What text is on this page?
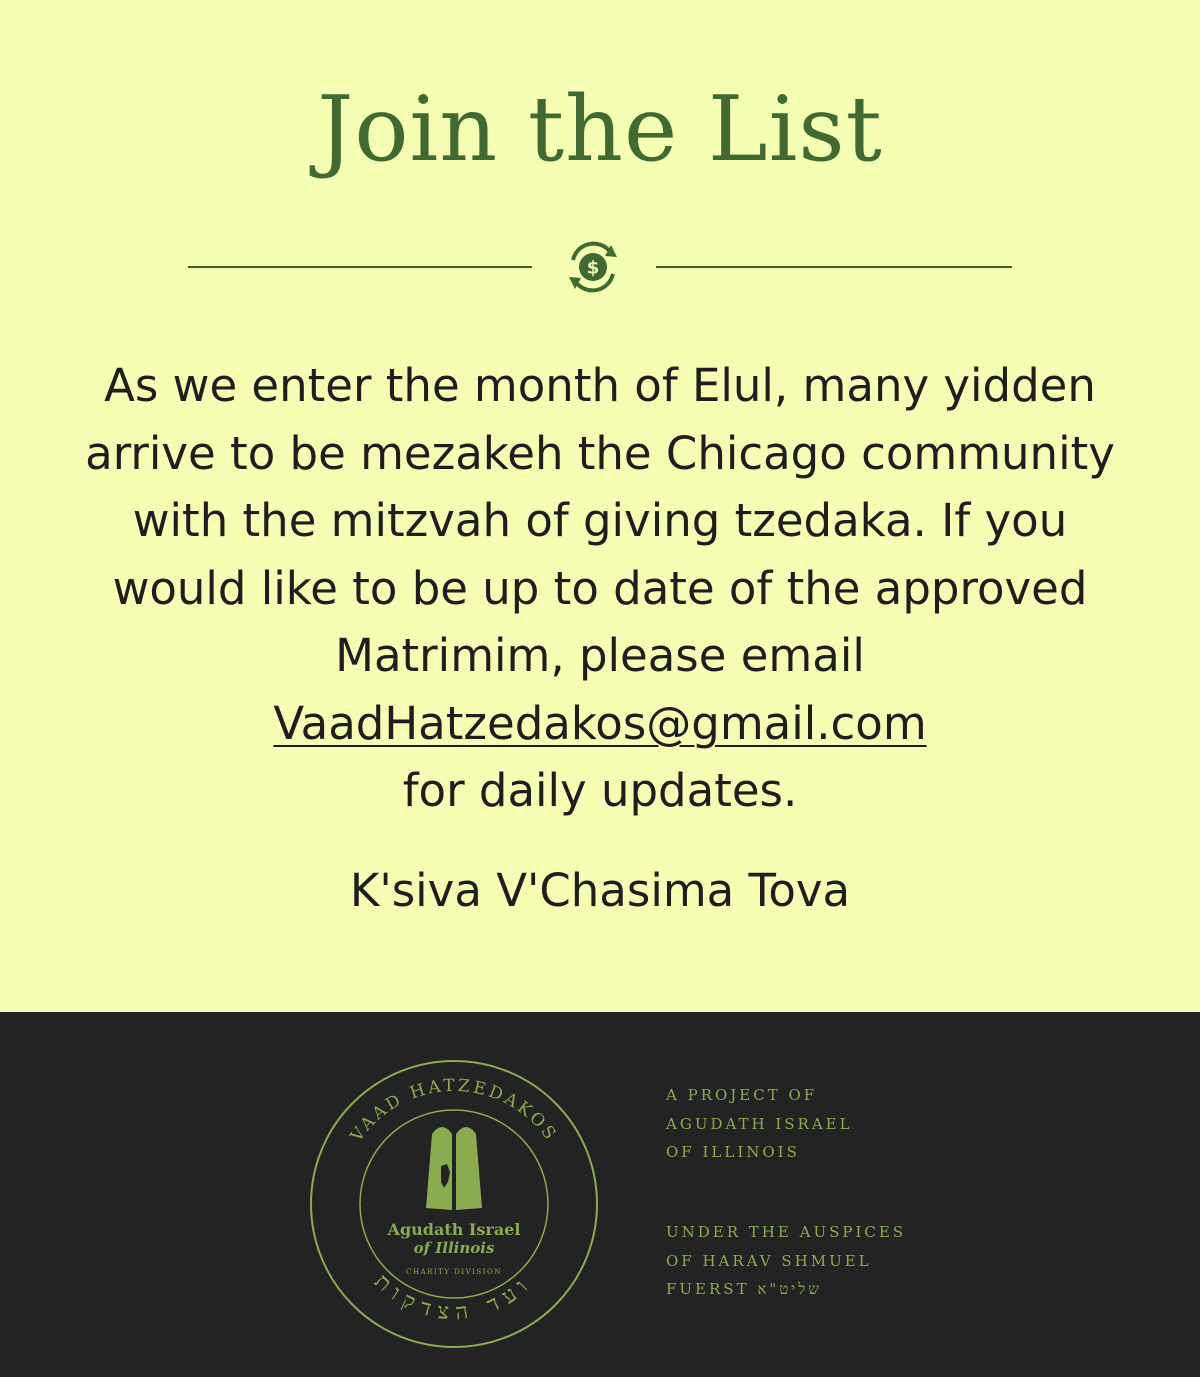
Join the List
$
As we enter the month of Elul, many yidden arrive to be mezakeh the Chicago community with the mitzvah of giving tzedaka. If you would like to be up to date of the approved Matrimim, please email VaadHatzedakos@gmail.com
for daily updates.
K'siva V'Chasima Tova
VAAD HATZEDAKOS
ועד הצדקות
Agudath Israel
of Illinois
CHARITY DIVISION
A PROJECT OF
AGUDATH ISRAEL
OF ILLINOIS
UNDER THE AUSPICES
OF HARAV SHMUEL
FUERST שליט"א
